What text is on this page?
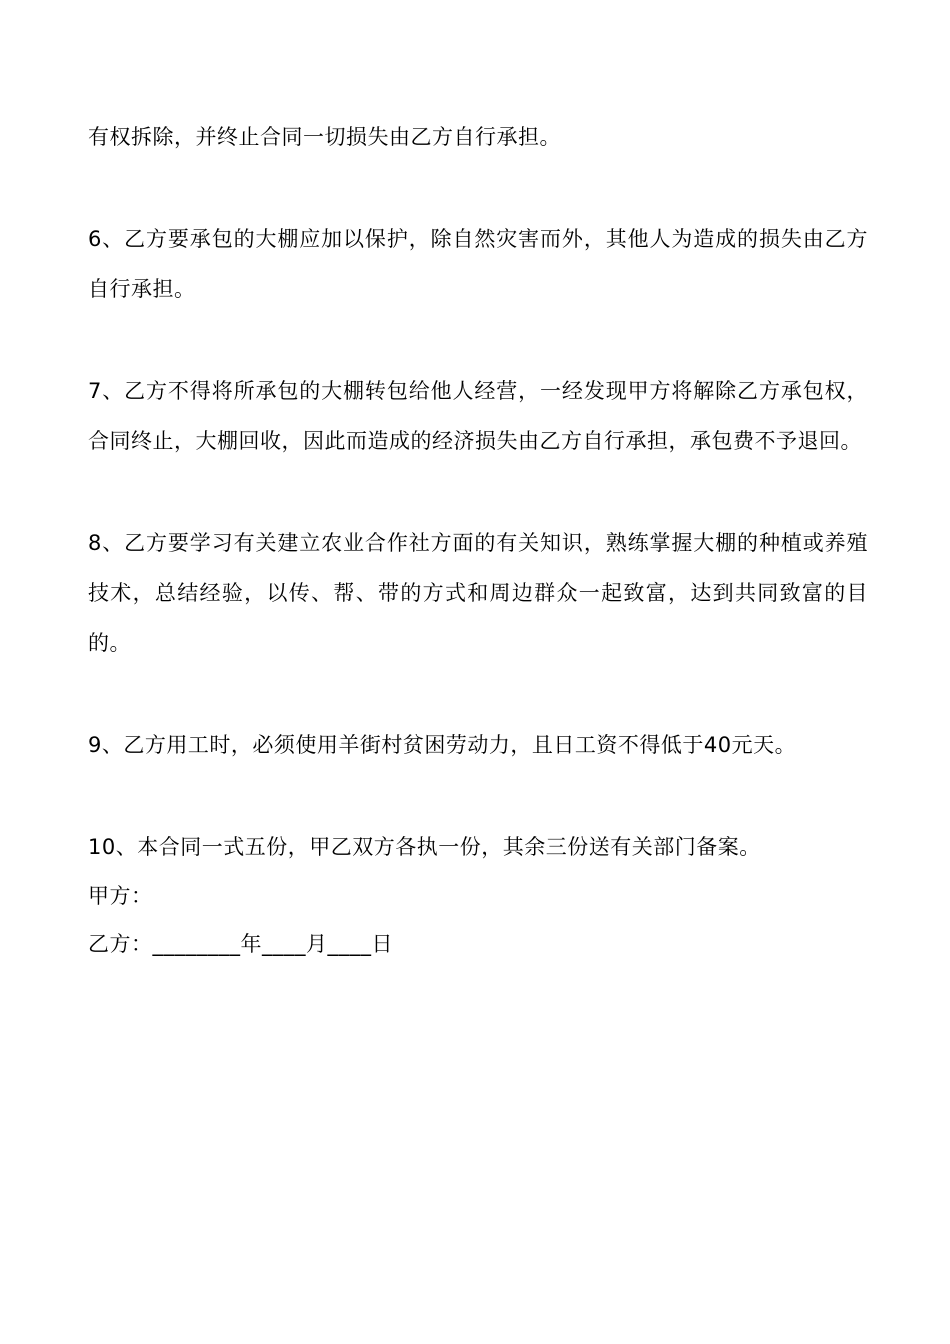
有权拆除，并终止合同一切损失由乙方自行承担。

6、乙方要承包的大棚应加以保护，除自然灾害而外，其他人为造成的损失由乙方自行承担。

7、乙方不得将所承包的大棚转包给他人经营，一经发现甲方将解除乙方承包权，合同终止，大棚回收，因此而造成的经济损失由乙方自行承担，承包费不予退回。

8、乙方要学习有关建立农业合作社方面的有关知识，熟练掌握大棚的种植或养殖技术，总结经验，以传、帮、带的方式和周边群众一起致富，达到共同致富的目的。

9、乙方用工时，必须使用羊街村贫困劳动力，且日工资不得低于40元天。

10、本合同一式五份，甲乙双方各执一份，其余三份送有关部门备案。

甲方：

乙方：________年____月____日
